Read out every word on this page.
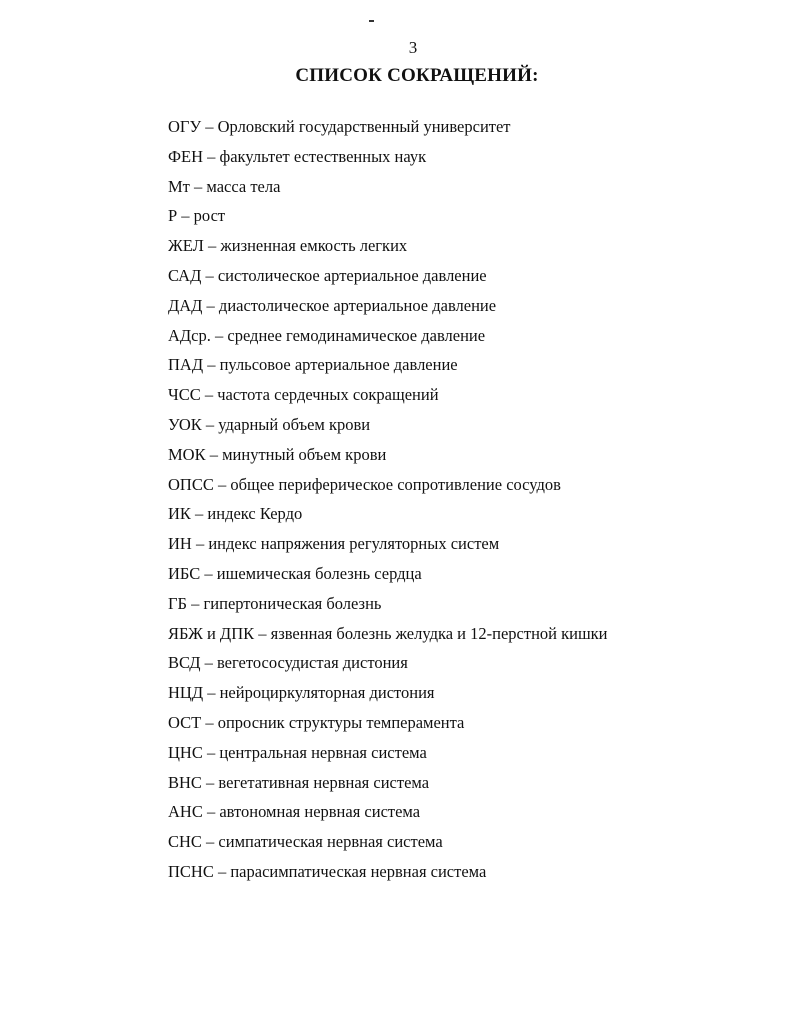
3
СПИСОК СОКРАЩЕНИЙ:
ОГУ – Орловский государственный университет
ФЕН – факультет естественных наук
Мт – масса тела
Р – рост
ЖЕЛ – жизненная емкость легких
САД – систолическое артериальное давление
ДАД – диастолическое артериальное давление
АДср. – среднее гемодинамическое давление
ПАД – пульсовое артериальное давление
ЧСС – частота сердечных сокращений
УОК – ударный объем крови
МОК – минутный объем крови
ОПСС – общее периферическое сопротивление сосудов
ИК – индекс Кердо
ИН – индекс напряжения регуляторных систем
ИБС – ишемическая болезнь сердца
ГБ – гипертоническая болезнь
ЯБЖ и ДПК – язвенная болезнь желудка и 12-перстной кишки
ВСД – вегетососудистая дистония
НЦД – нейроциркуляторная дистония
ОСТ – опросник структуры темперамента
ЦНС – центральная нервная система
ВНС – вегетативная нервная система
АНС – автономная нервная система
СНС – симпатическая нервная система
ПСНС – парасимпатическая нервная система
